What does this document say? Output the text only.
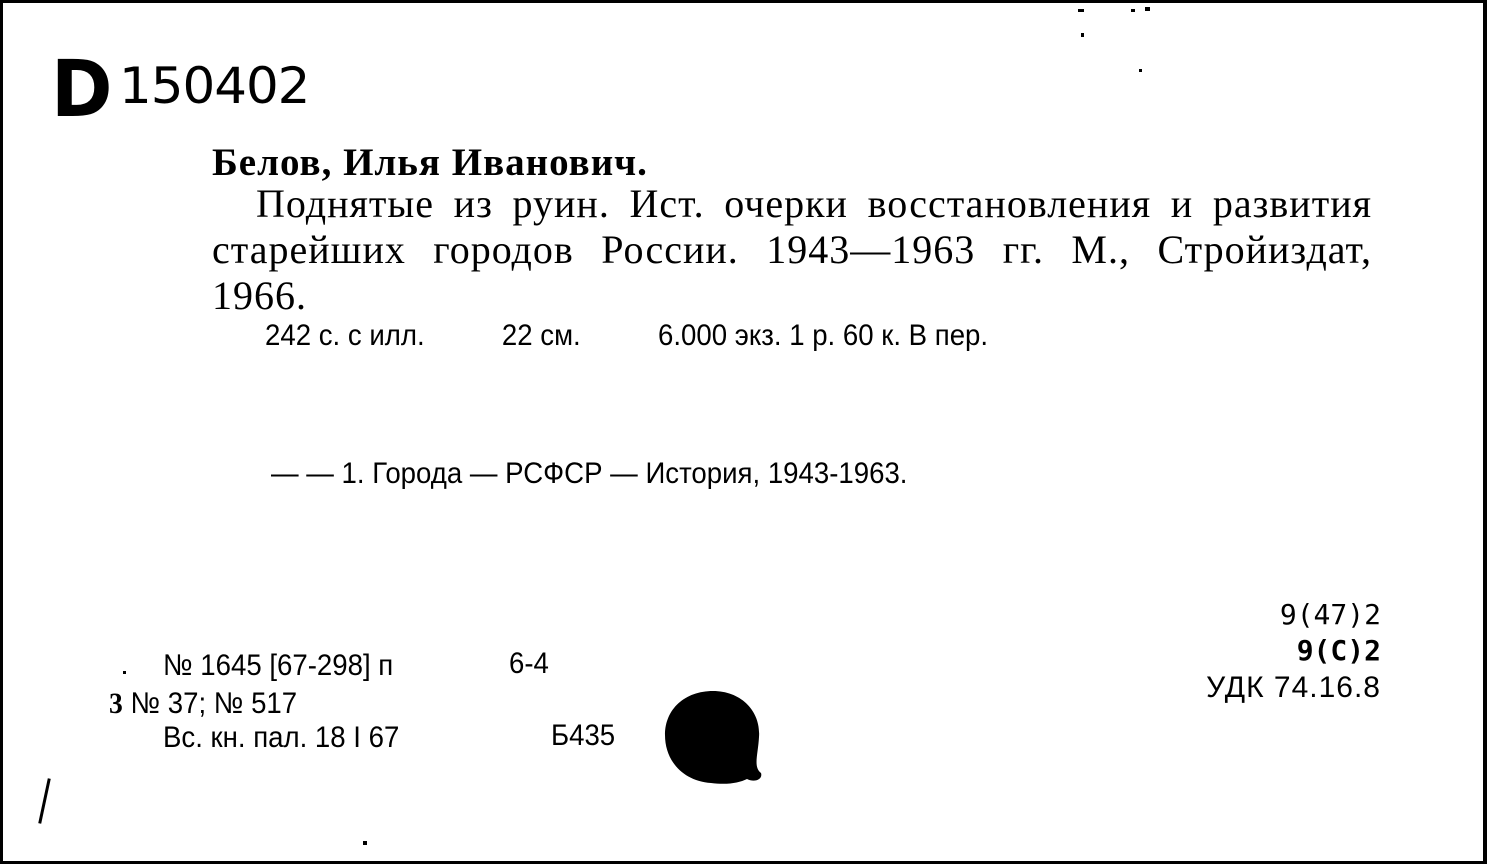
D 150402
Белов, Илья Иванович.
Поднятые из руин. Ист. очерки восстановления и развития старейших городов России. 1943—1963 гг. М., Стройиздат, 1966.
242 с. с илл.	22 см.	6.000 экз. 1 р. 60 к. В пер.
— — 1. Города — РСФСР — История, 1943-1963.
9(47)2
9(С)2
УДК 74.16.8
№ 1645 [67-298] п	6-4
3 № 37; № 517
Вс. кн. пал. 18 I 67	Б435
